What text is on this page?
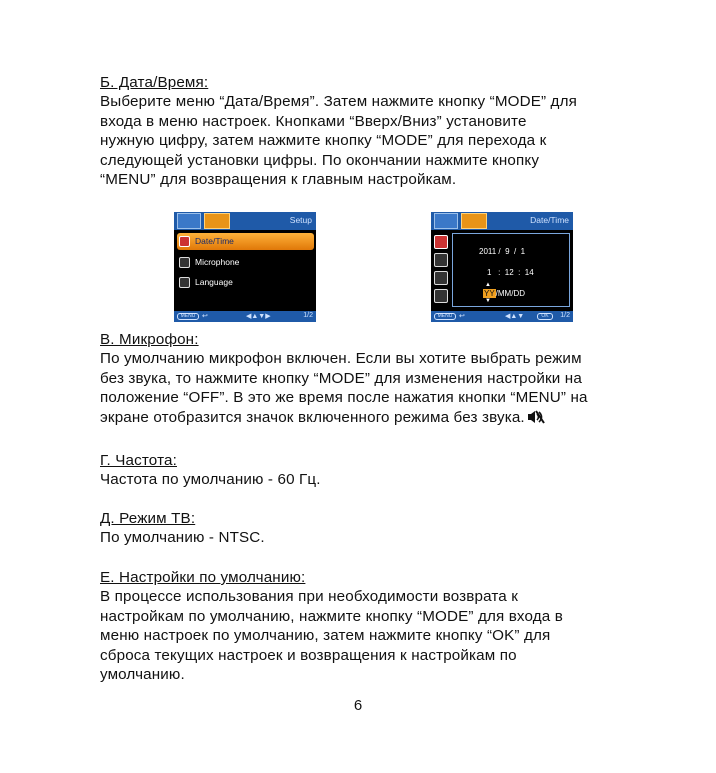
Б. Дата/Время:
Выберите меню “Дата/Время”. Затем нажмите кнопку “MODE” для
входа в меню настроек. Кнопками “Вверх/Вниз” установите
нужную цифру, затем нажмите кнопку “MODE” для перехода к
следующей установки цифры. По окончании нажмите кнопку
“MENU” для возвращения к главным настройкам.
Setup
Date/Time
Microphone
Language
MENU ↩	◀▲▼▶	1/2
Date/Time
2011 /  9  /  1
1   :  12  :  14
▲
YY/MM/DD
▼
MENU ↩	◀▲▼	OK	1/2
В. Микрофон:
По умолчанию микрофон включен. Если вы хотите выбрать режим
без звука, то нажмите кнопку “MODE” для изменения настройки на
положение “OFF”. В это же время после нажатия кнопки “MENU” на
экране отобразится значок включенного режима без звука.
Г. Частота:
Частота по умолчанию - 60 Гц.
Д. Режим ТВ:
По умолчанию - NTSC.
Е. Настройки по умолчанию:
В процессе использования при необходимости возврата к
настройкам по умолчанию, нажмите кнопку “MODE” для входа в
меню настроек по умолчанию, затем нажмите кнопку “OK” для
сброса текущих настроек и возвращения к настройкам по
умолчанию.
6
